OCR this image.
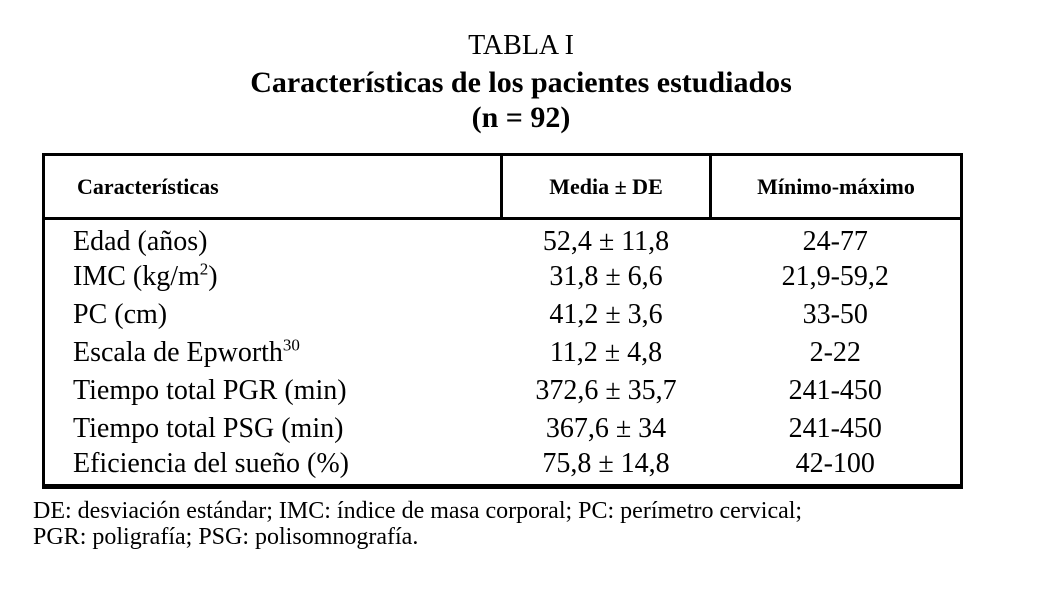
TABLA I
Características de los pacientes estudiados
(n = 92)
Características	Media ± DE	Mínimo-máximo
Edad (años)	52,4 ± 11,8	24-77
IMC $(kg/m^2)$	31,8 ± 6,6	21,9-59,2
PC (cm)	41,2 ± 3,6	33-50
Escala de Epworth$^{30}$	11,2 ± 4,8	2-22
Tiempo total PGR (min)	372,6 ± 35,7	241-450
Tiempo total PSG (min)	367,6 ± 34	241-450
Eficiencia del sueño (%)	75,8 ± 14,8	42-100
DE: desviación estándar; IMC: índice de masa corporal; PC: perímetro cervical;
PGR: poligrafía; PSG: polisomnografía.
